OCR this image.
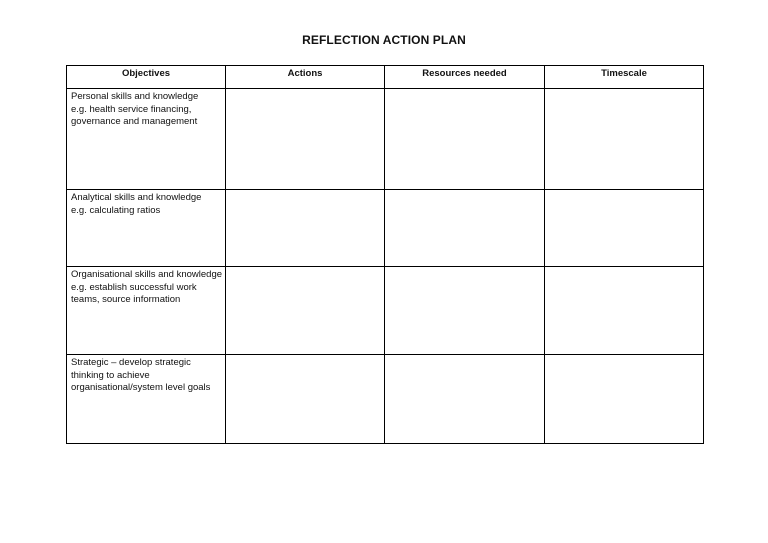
REFLECTION ACTION PLAN
Objectives	Actions	Resources needed	Timescale

Personal skills and knowledge
e.g. health service financing,
governance and management			

Analytical skills and knowledge
e.g. calculating ratios			

Organisational skills and knowledge
e.g. establish successful work
teams, source information			

Strategic – develop strategic
thinking to achieve
organisational/system level goals			
